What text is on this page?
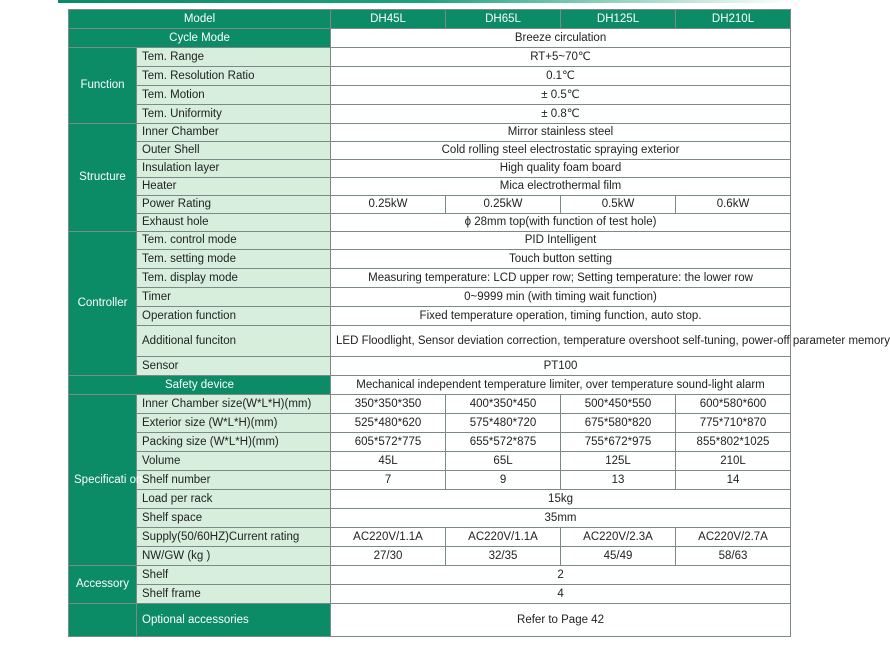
Model		DH45L	DH65L	DH125L	DH210L
Cycle Mode		Breeze circulation			
Function	Tem. Range	RT+5~70℃			
	Tem. Resolution Ratio	0.1℃			
	Tem. Motion	± 0.5℃			
	Tem. Uniformity	± 0.8℃			
Structure	Inner Chamber	Mirror stainless steel			
	Outer Shell	Cold rolling steel electrostatic spraying exterior			
	Insulation layer	High quality foam board			
	Heater	Mica electrothermal film			
	Power Rating	0.25kW	0.25kW	0.5kW	0.6kW
	Exhaust hole	ϕ 28mm top(with function of test hole)			
Controller	Tem. control mode	PID Intelligent			
	Tem. setting mode	Touch button setting			
	Tem. display mode	Measuring temperature: LCD upper row; Setting temperature: the lower row			
	Timer	0~9999 min (with timing wait function)			
	Operation function	Fixed temperature operation, timing function, auto stop.			
	Additional funciton	LED Floodlight, Sensor deviation correction, temperature overshoot self-tuning, power-off parameter memory			
	Sensor	PT100			
Safety device		Mechanical independent temperature limiter, over temperature sound-light alarm			
Specificati on	Inner Chamber size(W*L*H)(mm)	350*350*350	400*350*450	500*450*550	600*580*600
	Exterior size (W*L*H)(mm)	525*480*620	575*480*720	675*580*820	775*710*870
	Packing size (W*L*H)(mm)	605*572*775	655*572*875	755*672*975	855*802*1025
	Volume	45L	65L	125L	210L
	Shelf number	7	9	13	14
	Load per rack	15kg			
	Shelf space	35mm			
	Supply(50/60HZ)Current rating	AC220V/1.1A	AC220V/1.1A	AC220V/2.3A	AC220V/2.7A
	NW/GW (kg )	27/30	32/35	45/49	58/63
Accessory	Shelf	2			
	Shelf frame	4			
	Optional accessories	Refer to Page 42			
